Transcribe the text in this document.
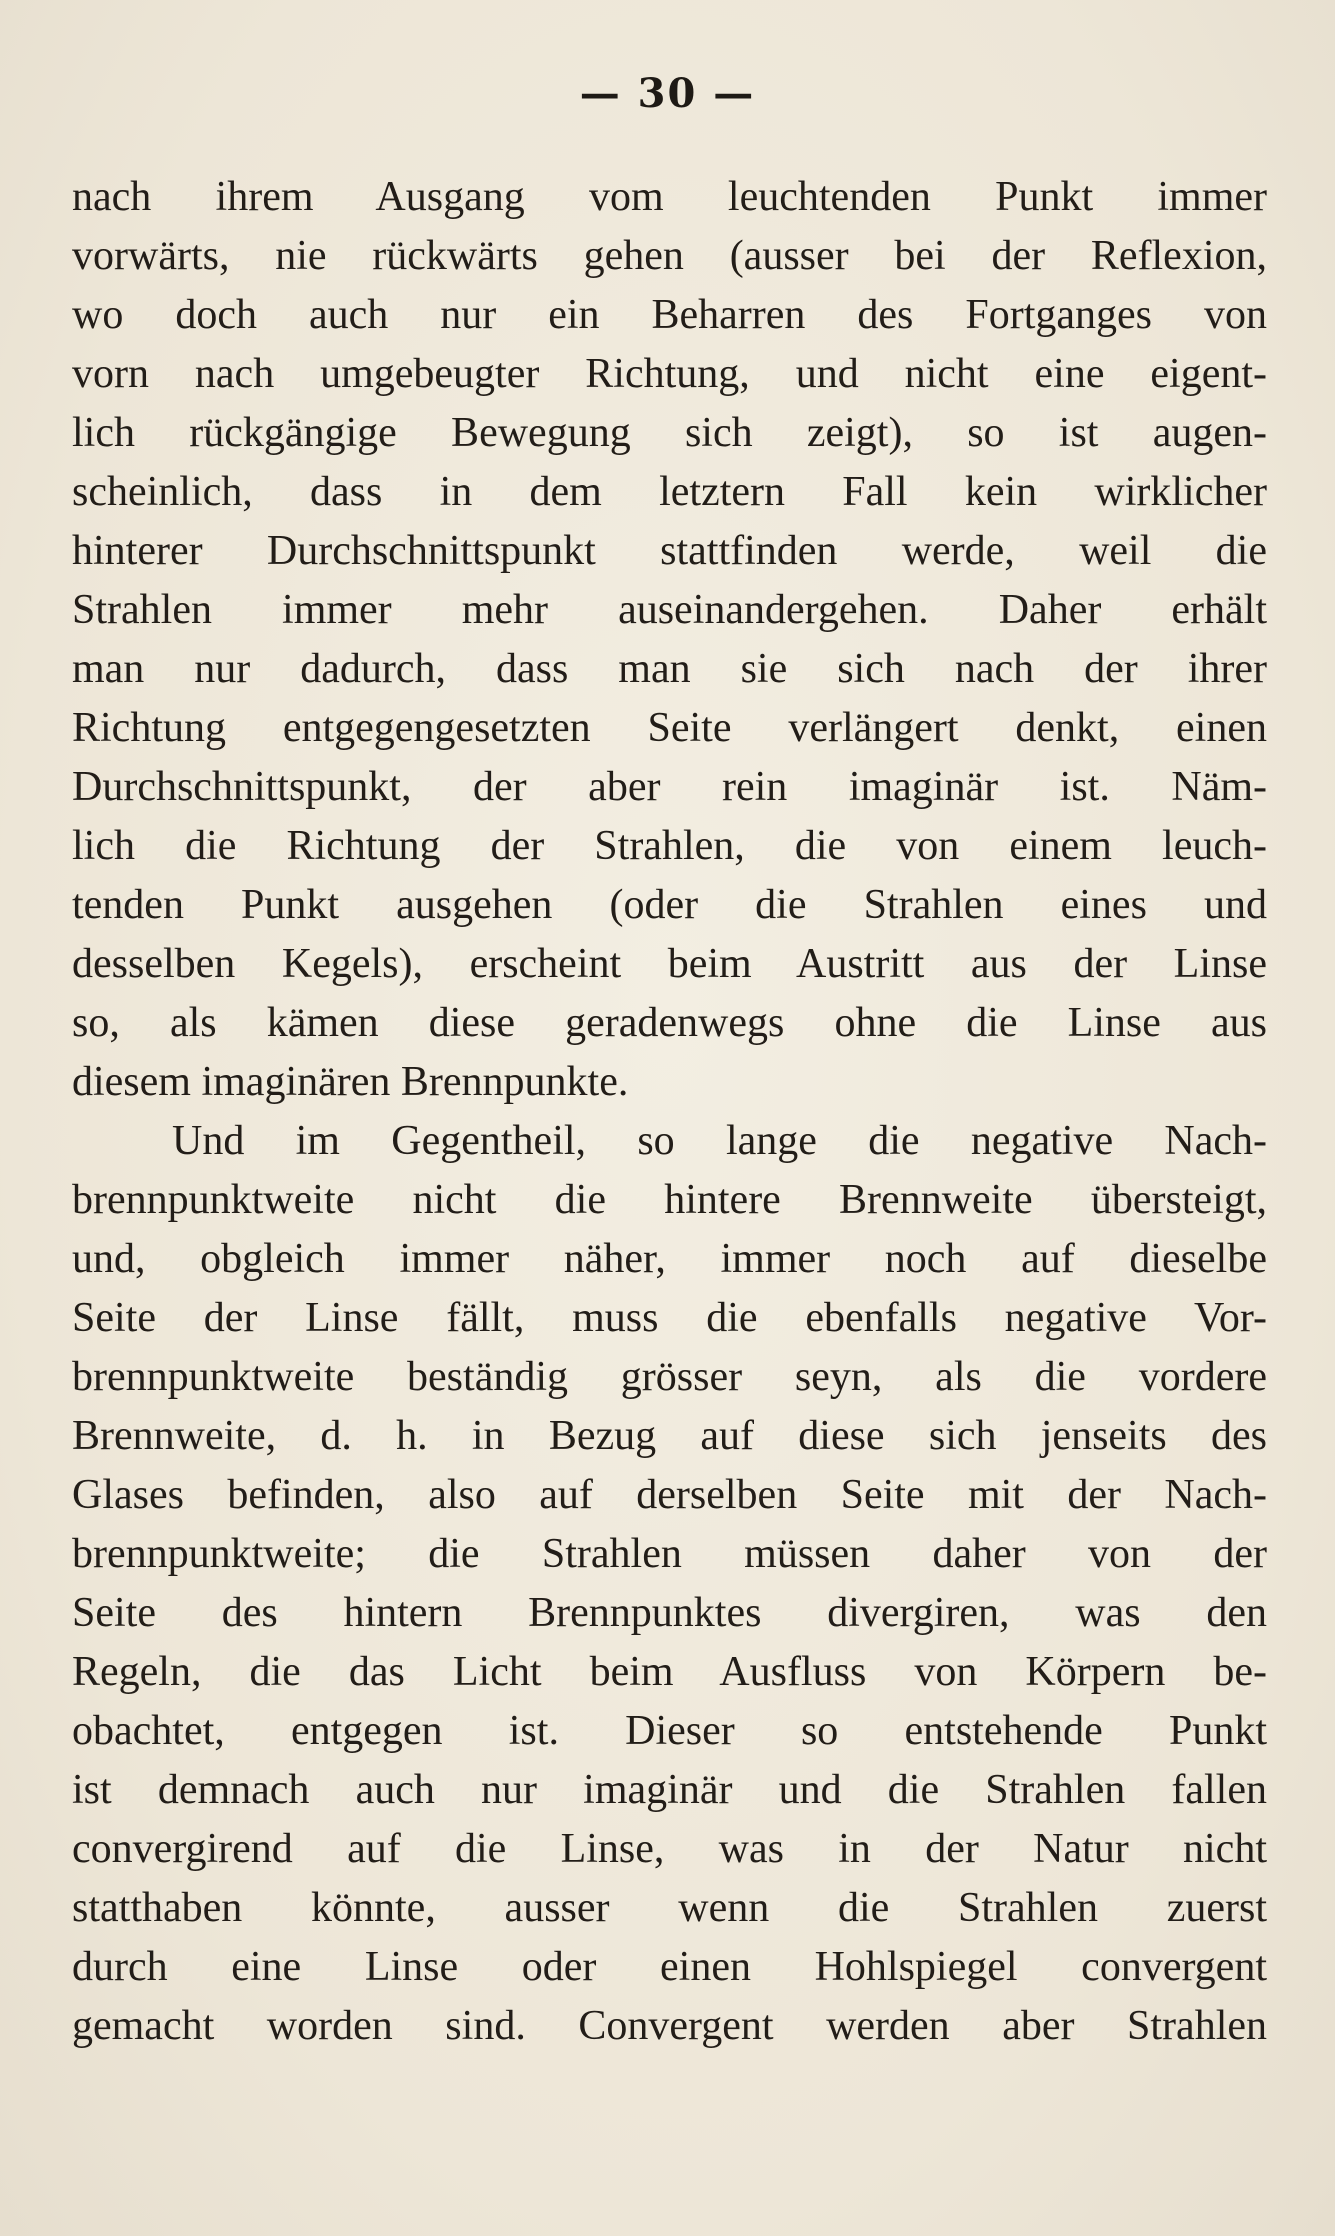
— 30 —
nach ihrem Ausgang vom leuchtenden Punkt immer
vorwärts, nie rückwärts gehen (ausser bei der Reflexion,
wo doch auch nur ein Beharren des Fortganges von
vorn nach umgebeugter Richtung, und nicht eine eigent-
lich rückgängige Bewegung sich zeigt), so ist augen-
scheinlich, dass in dem letztern Fall kein wirklicher
hinterer Durchschnittspunkt stattfinden werde, weil die
Strahlen immer mehr auseinandergehen. Daher erhält
man nur dadurch, dass man sie sich nach der ihrer
Richtung entgegengesetzten Seite verlängert denkt, einen
Durchschnittspunkt, der aber rein imaginär ist. Näm-
lich die Richtung der Strahlen, die von einem leuch-
tenden Punkt ausgehen (oder die Strahlen eines und
desselben Kegels), erscheint beim Austritt aus der Linse
so, als kämen diese geradenwegs ohne die Linse aus
diesem imaginären Brennpunkte.
Und im Gegentheil, so lange die negative Nach-
brennpunktweite nicht die hintere Brennweite übersteigt,
und, obgleich immer näher, immer noch auf dieselbe
Seite der Linse fällt, muss die ebenfalls negative Vor-
brennpunktweite beständig grösser seyn, als die vordere
Brennweite, d. h. in Bezug auf diese sich jenseits des
Glases befinden, also auf derselben Seite mit der Nach-
brennpunktweite; die Strahlen müssen daher von der
Seite des hintern Brennpunktes divergiren, was den
Regeln, die das Licht beim Ausfluss von Körpern be-
obachtet, entgegen ist. Dieser so entstehende Punkt
ist demnach auch nur imaginär und die Strahlen fallen
convergirend auf die Linse, was in der Natur nicht
statthaben könnte, ausser wenn die Strahlen zuerst
durch eine Linse oder einen Hohlspiegel convergent
gemacht worden sind. Convergent werden aber Strahlen
